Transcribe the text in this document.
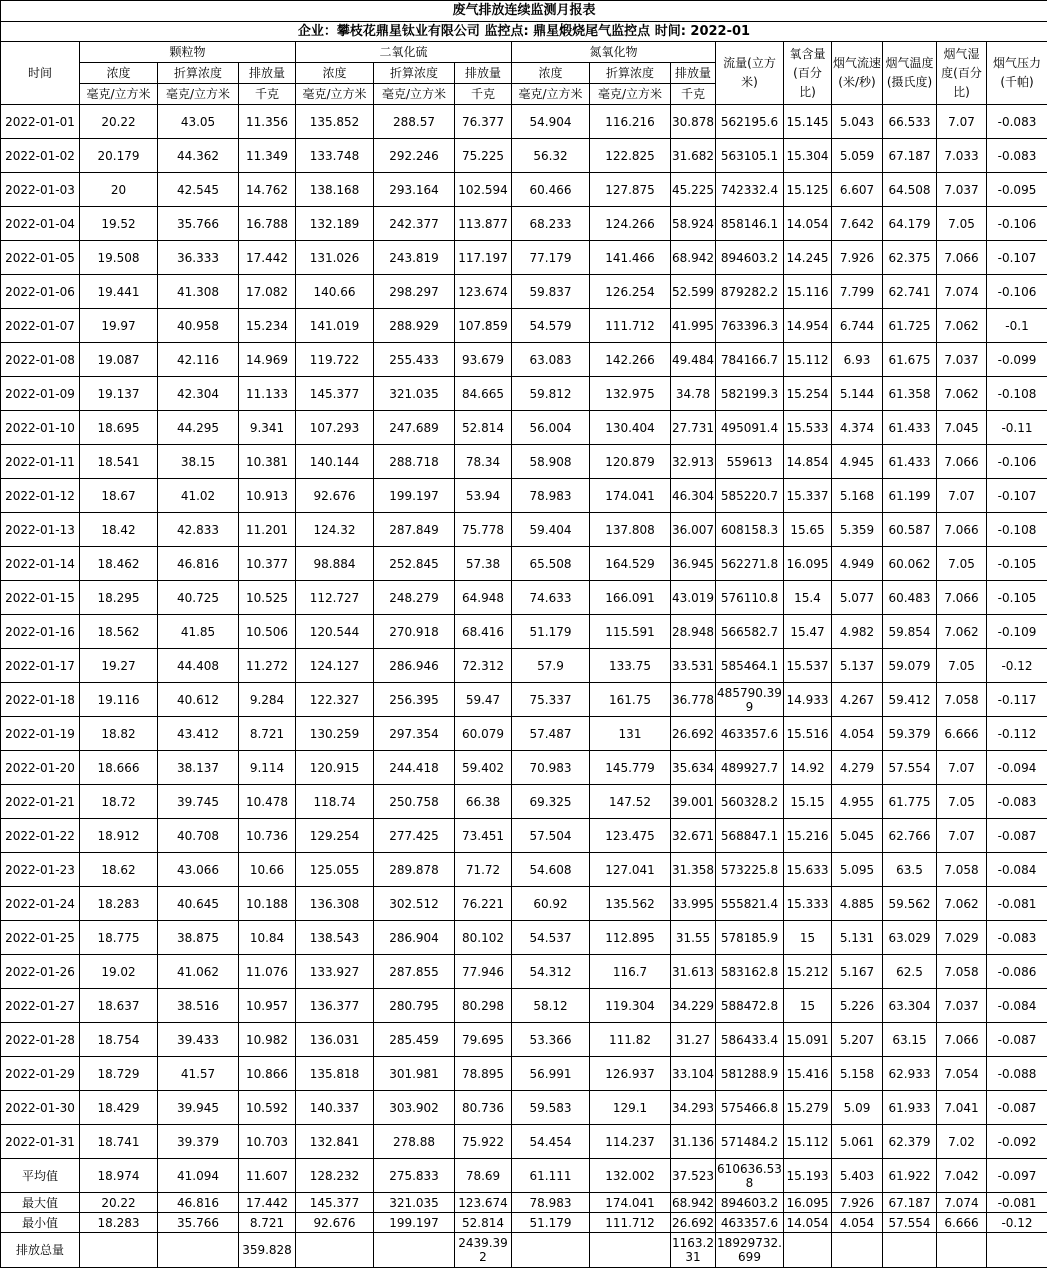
废气排放连续监测月报表															
企业：攀枝花鼎星钛业有限公司 监控点: 鼎星煅烧尾气监控点 时间: 2022-01															
时间	颗粒物			二氧化硫			氮氧化物			流量(立方米)	氧含量(百分比)	烟气流速(米/秒)	烟气温度(摄氏度)	烟气湿度(百分比)	烟气压力(千帕)
	浓度	折算浓度	排放量	浓度	折算浓度	排放量	浓度	折算浓度	排放量						
	毫克/立方米	毫克/立方米	千克	毫克/立方米	毫克/立方米	千克	毫克/立方米	毫克/立方米	千克						
2022-01-01	20.22	43.05	11.356	135.852	288.57	76.377	54.904	116.216	30.878	562195.6	15.145	5.043	66.533	7.07	-0.083
2022-01-02	20.179	44.362	11.349	133.748	292.246	75.225	56.32	122.825	31.682	563105.1	15.304	5.059	67.187	7.033	-0.083
2022-01-03	20	42.545	14.762	138.168	293.164	102.594	60.466	127.875	45.225	742332.4	15.125	6.607	64.508	7.037	-0.095
2022-01-04	19.52	35.766	16.788	132.189	242.377	113.877	68.233	124.266	58.924	858146.1	14.054	7.642	64.179	7.05	-0.106
2022-01-05	19.508	36.333	17.442	131.026	243.819	117.197	77.179	141.466	68.942	894603.2	14.245	7.926	62.375	7.066	-0.107
2022-01-06	19.441	41.308	17.082	140.66	298.297	123.674	59.837	126.254	52.599	879282.2	15.116	7.799	62.741	7.074	-0.106
2022-01-07	19.97	40.958	15.234	141.019	288.929	107.859	54.579	111.712	41.995	763396.3	14.954	6.744	61.725	7.062	-0.1
2022-01-08	19.087	42.116	14.969	119.722	255.433	93.679	63.083	142.266	49.484	784166.7	15.112	6.93	61.675	7.037	-0.099
2022-01-09	19.137	42.304	11.133	145.377	321.035	84.665	59.812	132.975	34.78	582199.3	15.254	5.144	61.358	7.062	-0.108
2022-01-10	18.695	44.295	9.341	107.293	247.689	52.814	56.004	130.404	27.731	495091.4	15.533	4.374	61.433	7.045	-0.11
2022-01-11	18.541	38.15	10.381	140.144	288.718	78.34	58.908	120.879	32.913	559613	14.854	4.945	61.433	7.066	-0.106
2022-01-12	18.67	41.02	10.913	92.676	199.197	53.94	78.983	174.041	46.304	585220.7	15.337	5.168	61.199	7.07	-0.107
2022-01-13	18.42	42.833	11.201	124.32	287.849	75.778	59.404	137.808	36.007	608158.3	15.65	5.359	60.587	7.066	-0.108
2022-01-14	18.462	46.816	10.377	98.884	252.845	57.38	65.508	164.529	36.945	562271.8	16.095	4.949	60.062	7.05	-0.105
2022-01-15	18.295	40.725	10.525	112.727	248.279	64.948	74.633	166.091	43.019	576110.8	15.4	5.077	60.483	7.066	-0.105
2022-01-16	18.562	41.85	10.506	120.544	270.918	68.416	51.179	115.591	28.948	566582.7	15.47	4.982	59.854	7.062	-0.109
2022-01-17	19.27	44.408	11.272	124.127	286.946	72.312	57.9	133.75	33.531	585464.1	15.537	5.137	59.079	7.05	-0.12
2022-01-18	19.116	40.612	9.284	122.327	256.395	59.47	75.337	161.75	36.778	485790.399	14.933	4.267	59.412	7.058	-0.117
2022-01-19	18.82	43.412	8.721	130.259	297.354	60.079	57.487	131	26.692	463357.6	15.516	4.054	59.379	6.666	-0.112
2022-01-20	18.666	38.137	9.114	120.915	244.418	59.402	70.983	145.779	35.634	489927.7	14.92	4.279	57.554	7.07	-0.094
2022-01-21	18.72	39.745	10.478	118.74	250.758	66.38	69.325	147.52	39.001	560328.2	15.15	4.955	61.775	7.05	-0.083
2022-01-22	18.912	40.708	10.736	129.254	277.425	73.451	57.504	123.475	32.671	568847.1	15.216	5.045	62.766	7.07	-0.087
2022-01-23	18.62	43.066	10.66	125.055	289.878	71.72	54.608	127.041	31.358	573225.8	15.633	5.095	63.5	7.058	-0.084
2022-01-24	18.283	40.645	10.188	136.308	302.512	76.221	60.92	135.562	33.995	555821.4	15.333	4.885	59.562	7.062	-0.081
2022-01-25	18.775	38.875	10.84	138.543	286.904	80.102	54.537	112.895	31.55	578185.9	15	5.131	63.029	7.029	-0.083
2022-01-26	19.02	41.062	11.076	133.927	287.855	77.946	54.312	116.7	31.613	583162.8	15.212	5.167	62.5	7.058	-0.086
2022-01-27	18.637	38.516	10.957	136.377	280.795	80.298	58.12	119.304	34.229	588472.8	15	5.226	63.304	7.037	-0.084
2022-01-28	18.754	39.433	10.982	136.031	285.459	79.695	53.366	111.82	31.27	586433.4	15.091	5.207	63.15	7.066	-0.087
2022-01-29	18.729	41.57	10.866	135.818	301.981	78.895	56.991	126.937	33.104	581288.9	15.416	5.158	62.933	7.054	-0.088
2022-01-30	18.429	39.945	10.592	140.337	303.902	80.736	59.583	129.1	34.293	575466.8	15.279	5.09	61.933	7.041	-0.087
2022-01-31	18.741	39.379	10.703	132.841	278.88	75.922	54.454	114.237	31.136	571484.2	15.112	5.061	62.379	7.02	-0.092
平均值	18.974	41.094	11.607	128.232	275.833	78.69	61.111	132.002	37.523	610636.538	15.193	5.403	61.922	7.042	-0.097
最大值	20.22	46.816	17.442	145.377	321.035	123.674	78.983	174.041	68.942	894603.2	16.095	7.926	67.187	7.074	-0.081
最小值	18.283	35.766	8.721	92.676	199.197	52.814	51.179	111.712	26.692	463357.6	14.054	4.054	57.554	6.666	-0.12
排放总量			359.828			2439.392			1163.231	18929732.699					
